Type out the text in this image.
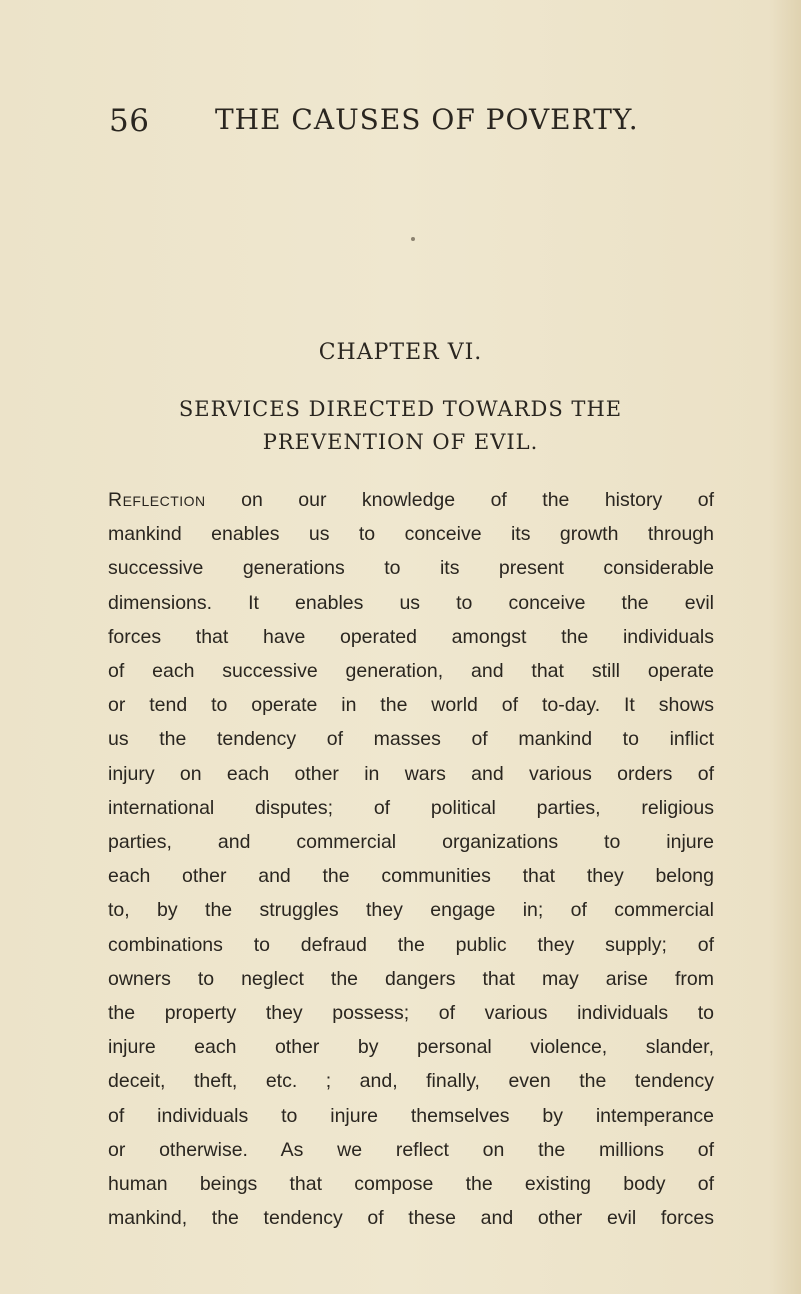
56 THE CAUSES OF POVERTY.
CHAPTER VI.
SERVICES DIRECTED TOWARDS THE
PREVENTION OF EVIL.
Reflection on our knowledge of the history of
mankind enables us to conceive its growth through
successive generations to its present considerable
dimensions. It enables us to conceive the evil
forces that have operated amongst the individuals
of each successive generation, and that still operate
or tend to operate in the world of to-day. It shows
us the tendency of masses of mankind to inflict
injury on each other in wars and various orders of
international disputes; of political parties, religious
parties, and commercial organizations to injure
each other and the communities that they belong
to, by the struggles they engage in; of commercial
combinations to defraud the public they supply; of
owners to neglect the dangers that may arise from
the property they possess; of various individuals to
injure each other by personal violence, slander,
deceit, theft, etc. ; and, finally, even the tendency
of individuals to injure themselves by intemperance
or otherwise. As we reflect on the millions of
human beings that compose the existing body of
mankind, the tendency of these and other evil forces
